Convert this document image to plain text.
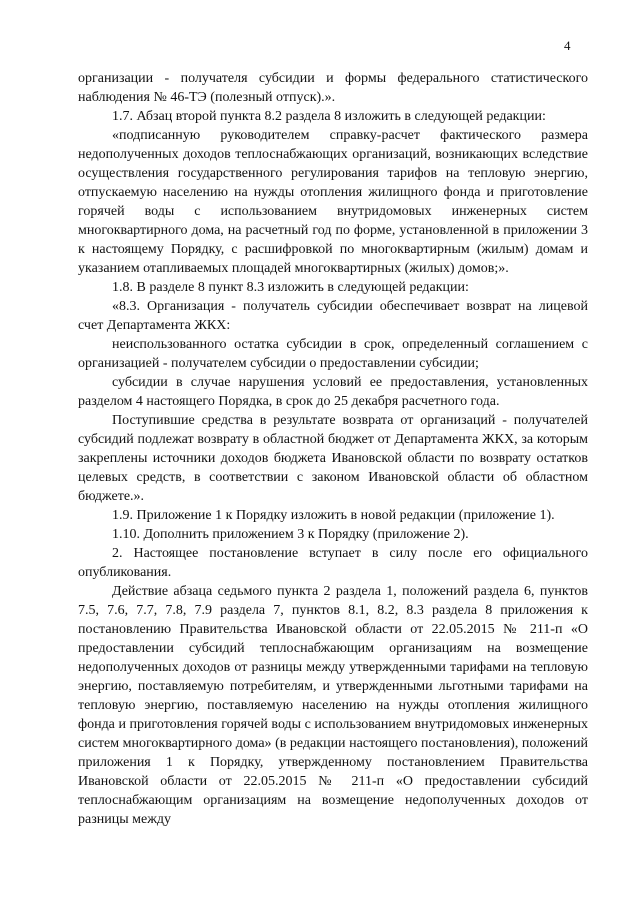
4

организации - получателя субсидии и формы федерального статистического наблюдения № 46-ТЭ (полезный отпуск).».

1.7. Абзац второй пункта 8.2 раздела 8 изложить в следующей редакции:

«подписанную руководителем справку-расчет фактического размера недополученных доходов теплоснабжающих организаций, возникающих вследствие осуществления государственного регулирования тарифов на тепловую энергию, отпускаемую населению на нужды отопления жилищного фонда и приготовление горячей воды с использованием внутридомовых инженерных систем многоквартирного дома, на расчетный год по форме, установленной в приложении 3 к настоящему Порядку, с расшифровкой по многоквартирным (жилым) домам и указанием отапливаемых площадей многоквартирных (жилых) домов;».

1.8. В разделе 8 пункт 8.3 изложить в следующей редакции:

«8.3. Организация - получатель субсидии обеспечивает возврат на лицевой счет Департамента ЖКХ:

неиспользованного остатка субсидии в срок, определенный соглашением с организацией - получателем субсидии о предоставлении субсидии;

субсидии в случае нарушения условий ее предоставления, установленных разделом 4 настоящего Порядка, в срок до 25 декабря расчетного года.

Поступившие средства в результате возврата от организаций - получателей субсидий подлежат возврату в областной бюджет от Департамента ЖКХ, за которым закреплены источники доходов бюджета Ивановской области по возврату остатков целевых средств, в соответствии с законом Ивановской области об областном бюджете.».

1.9. Приложение 1 к Порядку изложить в новой редакции (приложение 1).

1.10. Дополнить приложением 3 к Порядку (приложение 2).

2. Настоящее постановление вступает в силу после его официального опубликования.

Действие абзаца седьмого пункта 2 раздела 1, положений раздела 6, пунктов 7.5, 7.6, 7.7, 7.8, 7.9 раздела 7, пунктов 8.1, 8.2, 8.3 раздела 8 приложения к постановлению Правительства Ивановской области от 22.05.2015 № 211-п «О предоставлении субсидий теплоснабжающим организациям на возмещение недополученных доходов от разницы между утвержденными тарифами на тепловую энергию, поставляемую потребителям, и утвержденными льготными тарифами на тепловую энергию, поставляемую населению на нужды отопления жилищного фонда и приготовления горячей воды с использованием внутридомовых инженерных систем многоквартирного дома» (в редакции настоящего постановления), положений приложения 1 к Порядку, утвержденному постановлением Правительства Ивановской области от 22.05.2015 № 211-п «О предоставлении субсидий теплоснабжающим организациям на возмещение недополученных доходов от разницы между
